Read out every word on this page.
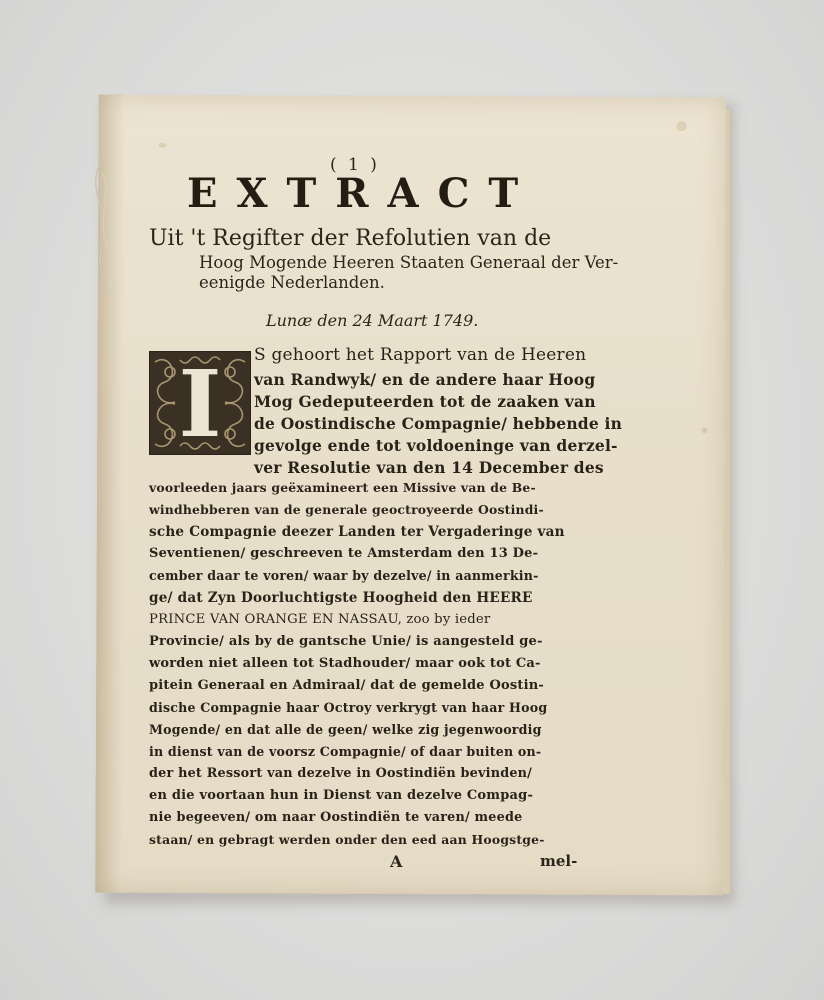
( 1 )
EXTRACT
Uit 't Regifter der Refolutien van de
Hoog Mogende Heeren Staaten Generaal der Ver-
eenigde Nederlanden.
Lunæ den 24 Maart 1749.
I	S gehoort het Rapport van de Heeren
van Randwyk/ en de andere haar Hoog
Mog Gedeputeerden tot de zaaken van
de Oostindische Compagnie/ hebbende in
gevolge ende tot voldoeninge van derzel-
ver Resolutie van den 14 December des
voorleeden jaars geëxamineert een Missive van de Be-
windhebberen van de generale geoctroyeerde Oostindi-
sche Compagnie deezer Landen ter Vergaderinge van
Seventienen/ geschreeven te Amsterdam den 13 De-
cember daar te voren/ waar by dezelve/ in aanmerkin-
ge/ dat Zyn Doorluchtigste Hoogheid den HEERE
PRINCE VAN ORANGE EN NASSAU, zoo by ieder
Provincie/ als by de gantsche Unie/ is aangesteld ge-
worden niet alleen tot Stadhouder/ maar ook tot Ca-
pitein Generaal en Admiraal/ dat de gemelde Oostin-
dische Compagnie haar Octroy verkrygt van haar Hoog
Mogende/ en dat alle de geen/ welke zig jegenwoordig
in dienst van de voorsz Compagnie/ of daar buiten on-
der het Ressort van dezelve in Oostindiën bevinden/
en die voortaan hun in Dienst van dezelve Compag-
nie begeeven/ om naar Oostindiën te varen/ meede
staan/ en gebragt werden onder den eed aan Hoogstge-
A	mel-
